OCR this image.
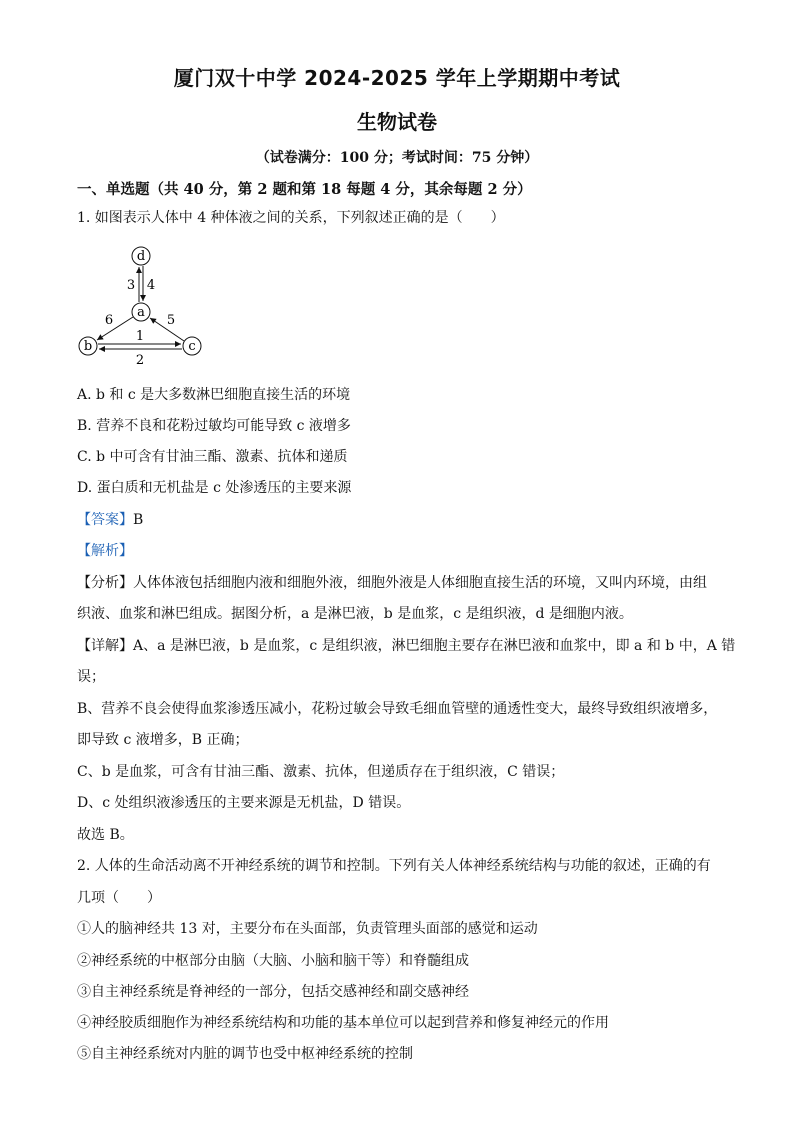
厦门双十中学 2024-2025 学年上学期期中考试
生物试卷
（试卷满分：100 分；考试时间：75 分钟）
一、单选题（共 40 分，第 2 题和第 18 每题 4 分，其余每题 2 分）
1. 如图表示人体中 4 种体液之间的关系，下列叙述正确的是（　　）
d
a
b	c
3 4
6	5
1
2
A. b 和 c 是大多数淋巴细胞直接生活的环境
B. 营养不良和花粉过敏均可能导致 c 液增多
C. b 中可含有甘油三酯、激素、抗体和递质
D. 蛋白质和无机盐是 c 处渗透压的主要来源
【答案】B
【解析】
【分析】人体体液包括细胞内液和细胞外液，细胞外液是人体细胞直接生活的环境，又叫内环境，由组
织液、血浆和淋巴组成。据图分析，a 是淋巴液，b 是血浆，c 是组织液，d 是细胞内液。
【详解】A、a 是淋巴液，b 是血浆，c 是组织液，淋巴细胞主要存在淋巴液和血浆中，即 a 和 b 中，A 错
误；
B、营养不良会使得血浆渗透压减小，花粉过敏会导致毛细血管壁的通透性变大，最终导致组织液增多，
即导致 c 液增多，B 正确；
C、b 是血浆，可含有甘油三酯、激素、抗体，但递质存在于组织液，C 错误；
D、c 处组织液渗透压的主要来源是无机盐，D 错误。
故选 B。
2. 人体的生命活动离不开神经系统的调节和控制。下列有关人体神经系统结构与功能的叙述，正确的有
几项（　　）
①人的脑神经共 13 对，主要分布在头面部，负责管理头面部的感觉和运动
②神经系统的中枢部分由脑（大脑、小脑和脑干等）和脊髓组成
③自主神经系统是脊神经的一部分，包括交感神经和副交感神经
④神经胶质细胞作为神经系统结构和功能的基本单位可以起到营养和修复神经元的作用
⑤自主神经系统对内脏的调节也受中枢神经系统的控制
